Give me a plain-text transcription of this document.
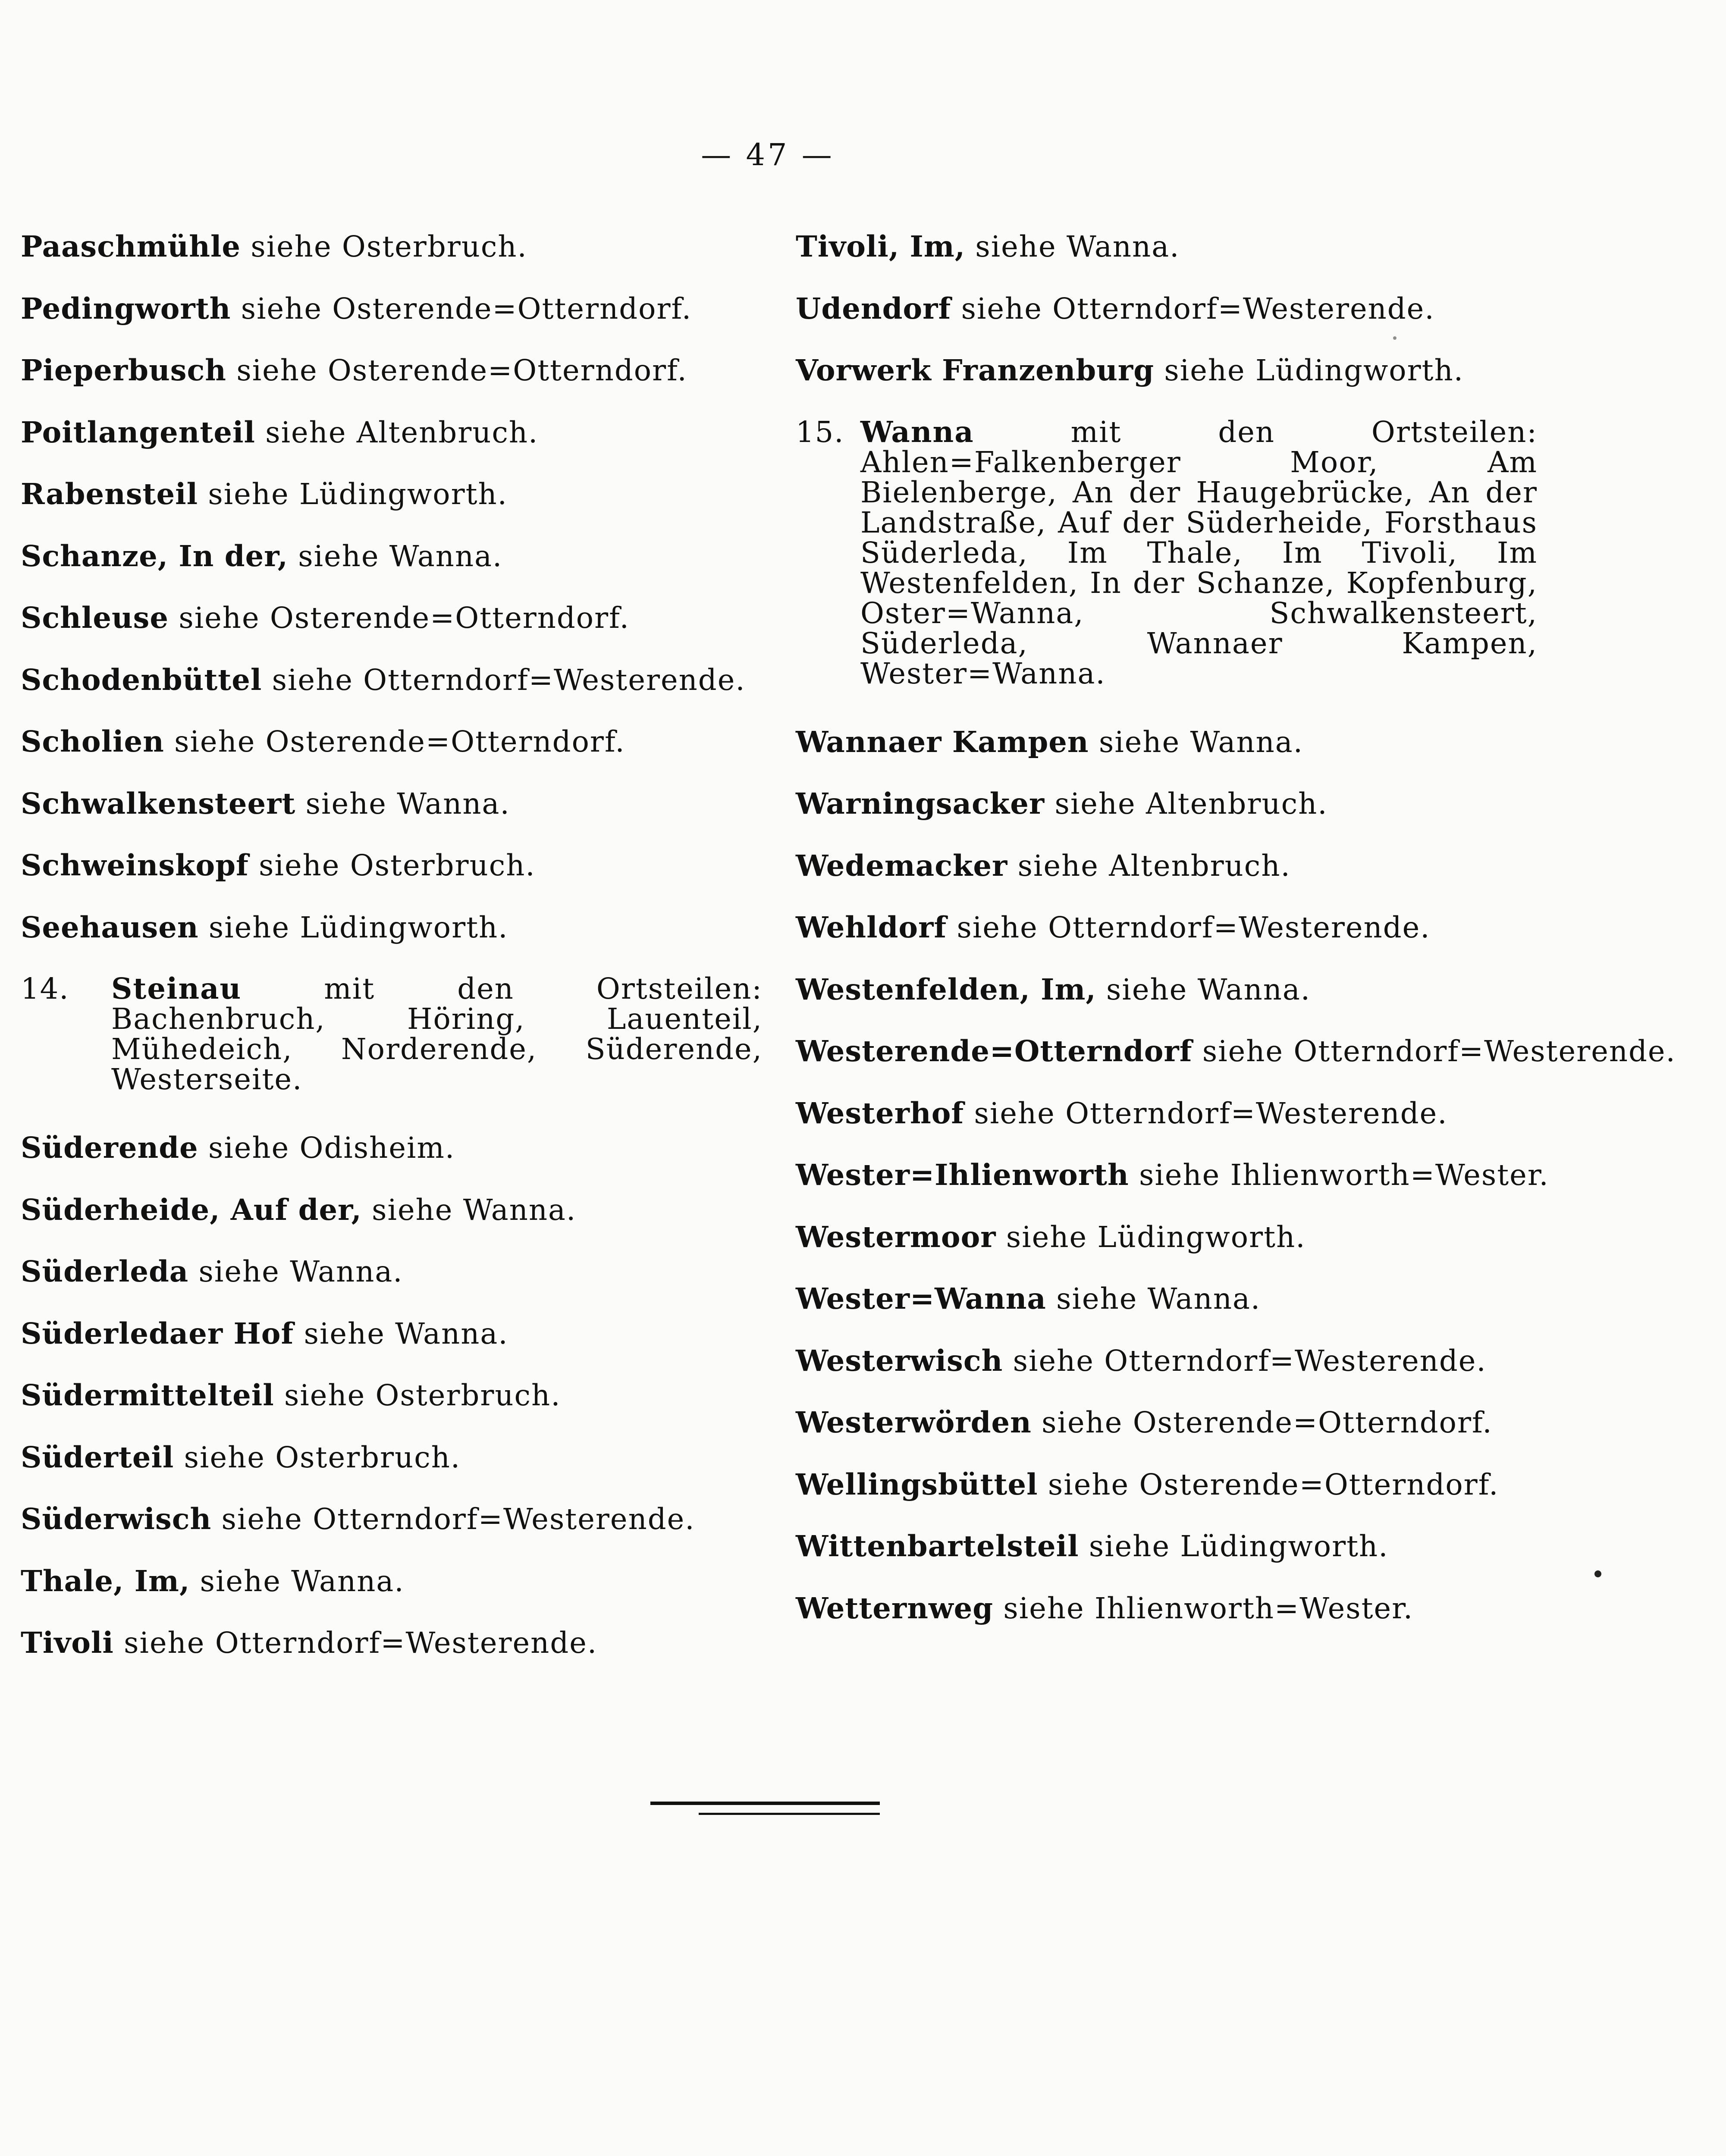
— 47 —
Paaschmühle siehe Osterbruch.
Pedingworth siehe Osterende=Otterndorf.
Pieperbusch siehe Osterende=Otterndorf.
Poitlangenteil siehe Altenbruch.
Rabensteil siehe Lüdingworth.
Schanze, In der, siehe Wanna.
Schleuse siehe Osterende=Otterndorf.
Schodenbüttel siehe Otterndorf=Westerende.
Scholien siehe Osterende=Otterndorf.
Schwalkensteert siehe Wanna.
Schweinskopf siehe Osterbruch.
Seehausen siehe Lüdingworth.
14. Steinau mit den Ortsteilen: Bachenbruch, Höring, Lauenteil, Mühedeich, Norderende, Süderende, Westerseite.
Süderende siehe Odisheim.
Süderheide, Auf der, siehe Wanna.
Süderleda siehe Wanna.
Süderledaer Hof siehe Wanna.
Südermittelteil siehe Osterbruch.
Süderteil siehe Osterbruch.
Süderwisch siehe Otterndorf=Westerende.
Thale, Im, siehe Wanna.
Tivoli siehe Otterndorf=Westerende.
Tivoli, Im, siehe Wanna.
Udendorf siehe Otterndorf=Westerende.
Vorwerk Franzenburg siehe Lüdingworth.
15. Wanna mit den Ortsteilen: Ahlen=Falkenberger Moor, Am Bielenberge, An der Haugebrücke, An der Landstraße, Auf der Süderheide, Forsthaus Süderleda, Im Thale, Im Tivoli, Im Westenfelden, In der Schanze, Kopfenburg, Oster=Wanna, Schwalkensteert, Süderleda, Wannaer Kampen, Wester=Wanna.
Wannaer Kampen siehe Wanna.
Warningsacker siehe Altenbruch.
Wedemacker siehe Altenbruch.
Wehldorf siehe Otterndorf=Westerende.
Westenfelden, Im, siehe Wanna.
Westerende=Otterndorf siehe Otterndorf=Westerende.
Westerhof siehe Otterndorf=Westerende.
Wester=Ihlienworth siehe Ihlienworth=Wester.
Westermoor siehe Lüdingworth.
Wester=Wanna siehe Wanna.
Westerwisch siehe Otterndorf=Westerende.
Westerwörden siehe Osterende=Otterndorf.
Wellingsbüttel siehe Osterende=Otterndorf.
Wittenbartelsteil siehe Lüdingworth.
Wetternweg siehe Ihlienworth=Wester.
